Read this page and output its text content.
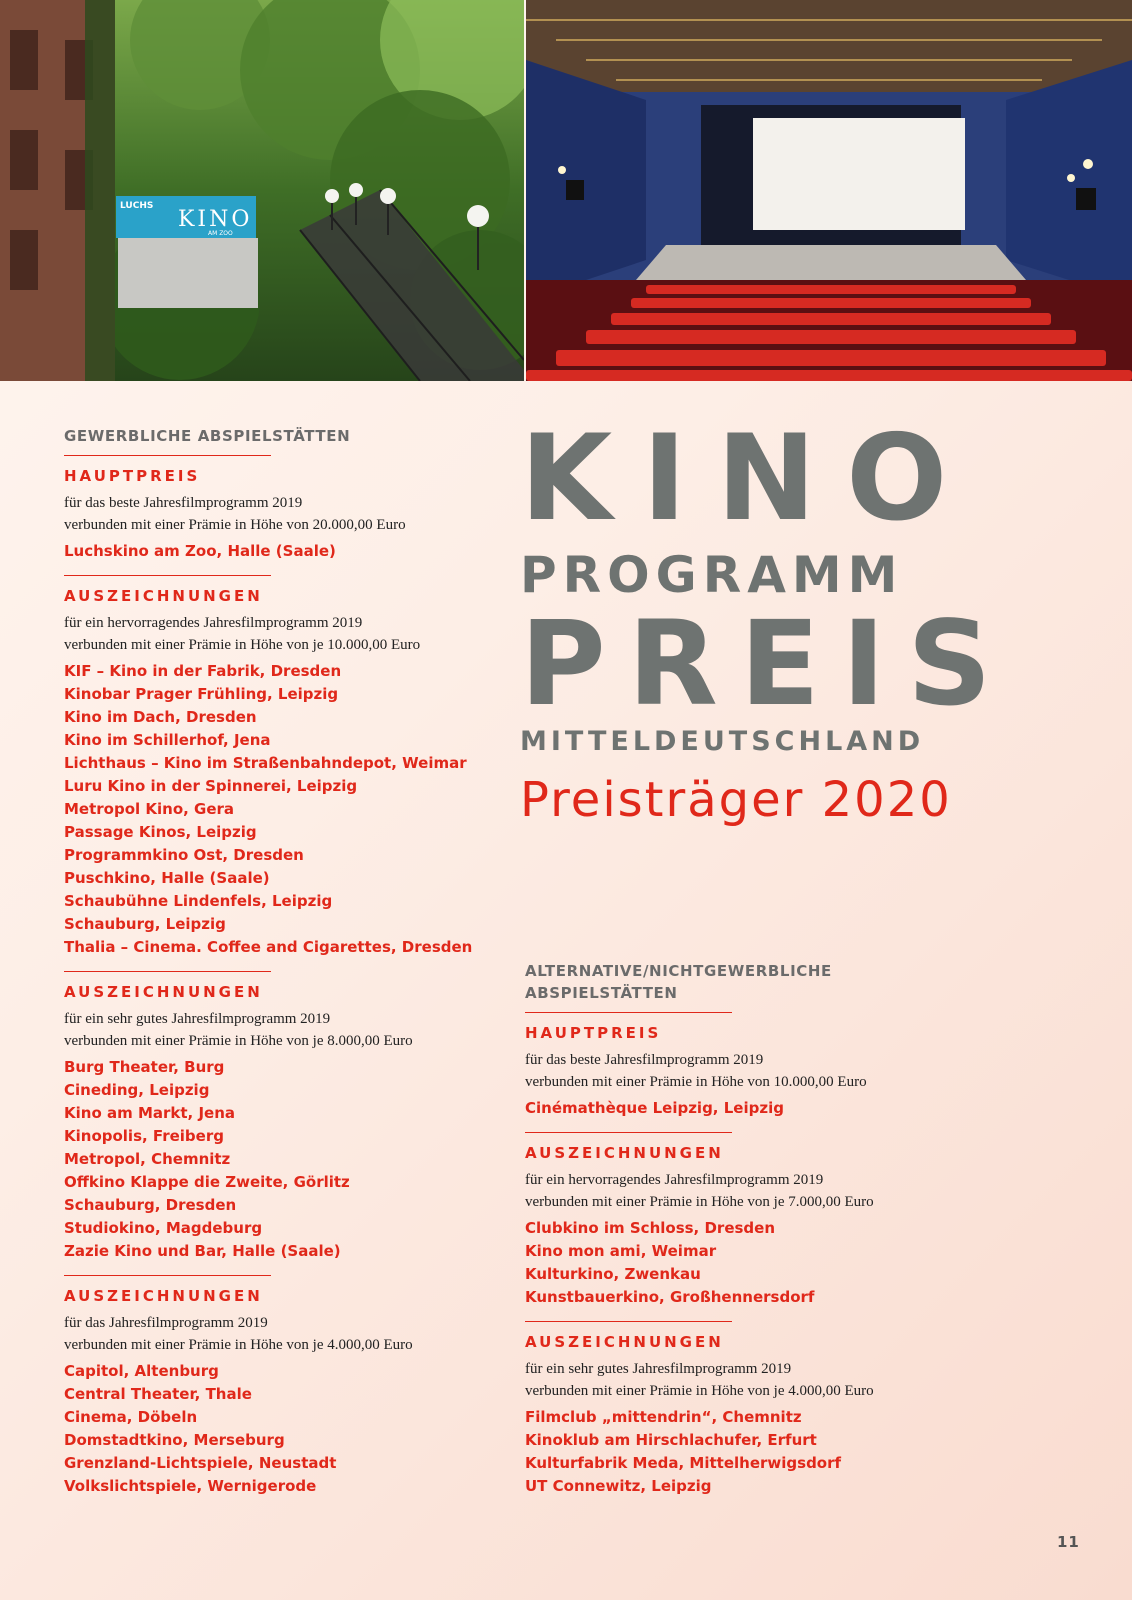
LUCHS
KINO
AM ZOO
GEWERBLICHE ABSPIELSTÄTTEN
HAUPTPREIS
für das beste Jahresfilmprogramm 2019
verbunden mit einer Prämie in Höhe von 20.000,00 Euro
Luchskino am Zoo, Halle (Saale)
AUSZEICHNUNGEN
für ein hervorragendes Jahresfilmprogramm 2019
verbunden mit einer Prämie in Höhe von je 10.000,00 Euro
KIF – Kino in der Fabrik, Dresden
Kinobar Prager Frühling, Leipzig
Kino im Dach, Dresden
Kino im Schillerhof, Jena
Lichthaus – Kino im Straßenbahndepot, Weimar
Luru Kino in der Spinnerei, Leipzig
Metropol Kino, Gera
Passage Kinos, Leipzig
Programmkino Ost, Dresden
Puschkino, Halle (Saale)
Schaubühne Lindenfels, Leipzig
Schauburg, Leipzig
Thalia – Cinema. Coffee and Cigarettes, Dresden
AUSZEICHNUNGEN
für ein sehr gutes Jahresfilmprogramm 2019
verbunden mit einer Prämie in Höhe von je 8.000,00 Euro
Burg Theater, Burg
Cineding, Leipzig
Kino am Markt, Jena
Kinopolis, Freiberg
Metropol, Chemnitz
Offkino Klappe die Zweite, Görlitz
Schauburg, Dresden
Studiokino, Magdeburg
Zazie Kino und Bar, Halle (Saale)
AUSZEICHNUNGEN
für das Jahresfilmprogramm 2019
verbunden mit einer Prämie in Höhe von je 4.000,00 Euro
Capitol, Altenburg
Central Theater, Thale
Cinema, Döbeln
Domstadtkino, Merseburg
Grenzland-Lichtspiele, Neustadt
Volkslichtspiele, Wernigerode
KINO
PROGRAMM
PREIS
MITTELDEUTSCHLAND
Preisträger 2020
ALTERNATIVE/NICHTGEWERBLICHE
ABSPIELSTÄTTEN
HAUPTPREIS
für das beste Jahresfilmprogramm 2019
verbunden mit einer Prämie in Höhe von 10.000,00 Euro
Cinémathèque Leipzig, Leipzig
AUSZEICHNUNGEN
für ein hervorragendes Jahresfilmprogramm 2019
verbunden mit einer Prämie in Höhe von je 7.000,00 Euro
Clubkino im Schloss, Dresden
Kino mon ami, Weimar
Kulturkino, Zwenkau
Kunstbauerkino, Großhennersdorf
AUSZEICHNUNGEN
für ein sehr gutes Jahresfilmprogramm 2019
verbunden mit einer Prämie in Höhe von je 4.000,00 Euro
Filmclub „mittendrin“, Chemnitz
Kinoklub am Hirschlachufer, Erfurt
Kulturfabrik Meda, Mittelherwigsdorf
UT Connewitz, Leipzig
11
